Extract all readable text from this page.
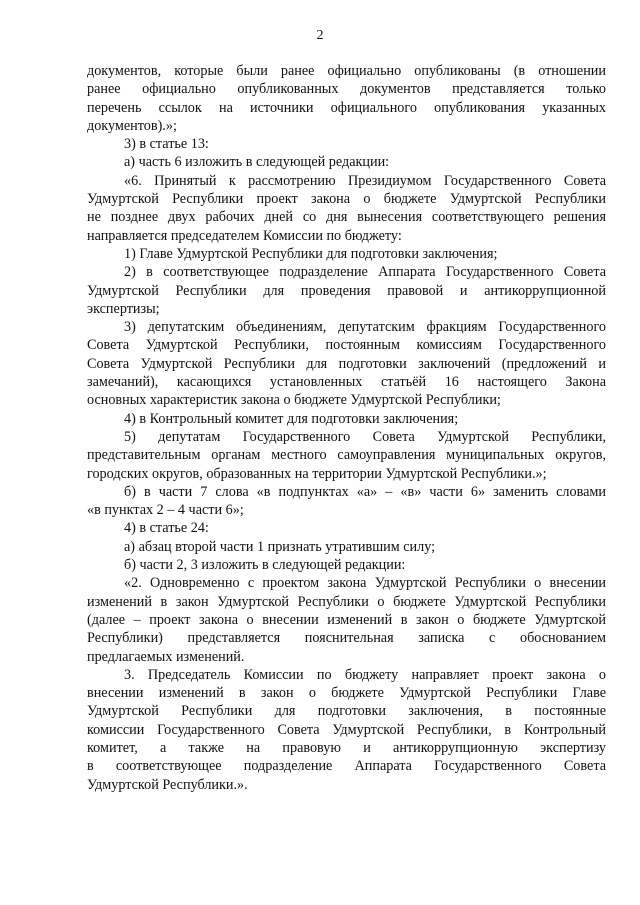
2
документов, которые были ранее официально опубликованы (в отношении
ранее официально опубликованных документов представляется только
перечень ссылок на источники официального опубликования указанных
документов).»;
3) в статье 13:
а) часть 6 изложить в следующей редакции:
«6. Принятый к рассмотрению Президиумом Государственного Совета
Удмуртской Республики проект закона о бюджете Удмуртской Республики
не позднее двух рабочих дней со дня вынесения соответствующего решения
направляется председателем Комиссии по бюджету:
1) Главе Удмуртской Республики для подготовки заключения;
2) в соответствующее подразделение Аппарата Государственного Совета
Удмуртской Республики для проведения правовой и антикоррупционной
экспертизы;
3) депутатским объединениям, депутатским фракциям Государственного
Совета Удмуртской Республики, постоянным комиссиям Государственного
Совета Удмуртской Республики для подготовки заключений (предложений и
замечаний), касающихся установленных статьёй 16 настоящего Закона
основных характеристик закона о бюджете Удмуртской Республики;
4) в Контрольный комитет для подготовки заключения;
5) депутатам Государственного Совета Удмуртской Республики,
представительным органам местного самоуправления муниципальных округов,
городских округов, образованных на территории Удмуртской Республики.»;
б) в части 7 слова «в подпунктах «а» – «в» части 6» заменить словами
«в пунктах 2 – 4 части 6»;
4) в статье 24:
а) абзац второй части 1 признать утратившим силу;
б) части 2, 3 изложить в следующей редакции:
«2. Одновременно с проектом закона Удмуртской Республики о внесении
изменений в закон Удмуртской Республики о бюджете Удмуртской Республики
(далее – проект закона о внесении изменений в закон о бюджете Удмуртской
Республики) представляется пояснительная записка с обоснованием
предлагаемых изменений.
3. Председатель Комиссии по бюджету направляет проект закона о
внесении изменений в закон о бюджете Удмуртской Республики Главе
Удмуртской Республики для подготовки заключения, в постоянные
комиссии Государственного Совета Удмуртской Республики, в Контрольный
комитет, а также на правовую и антикоррупционную экспертизу
в соответствующее подразделение Аппарата Государственного Совета
Удмуртской Республики.».
